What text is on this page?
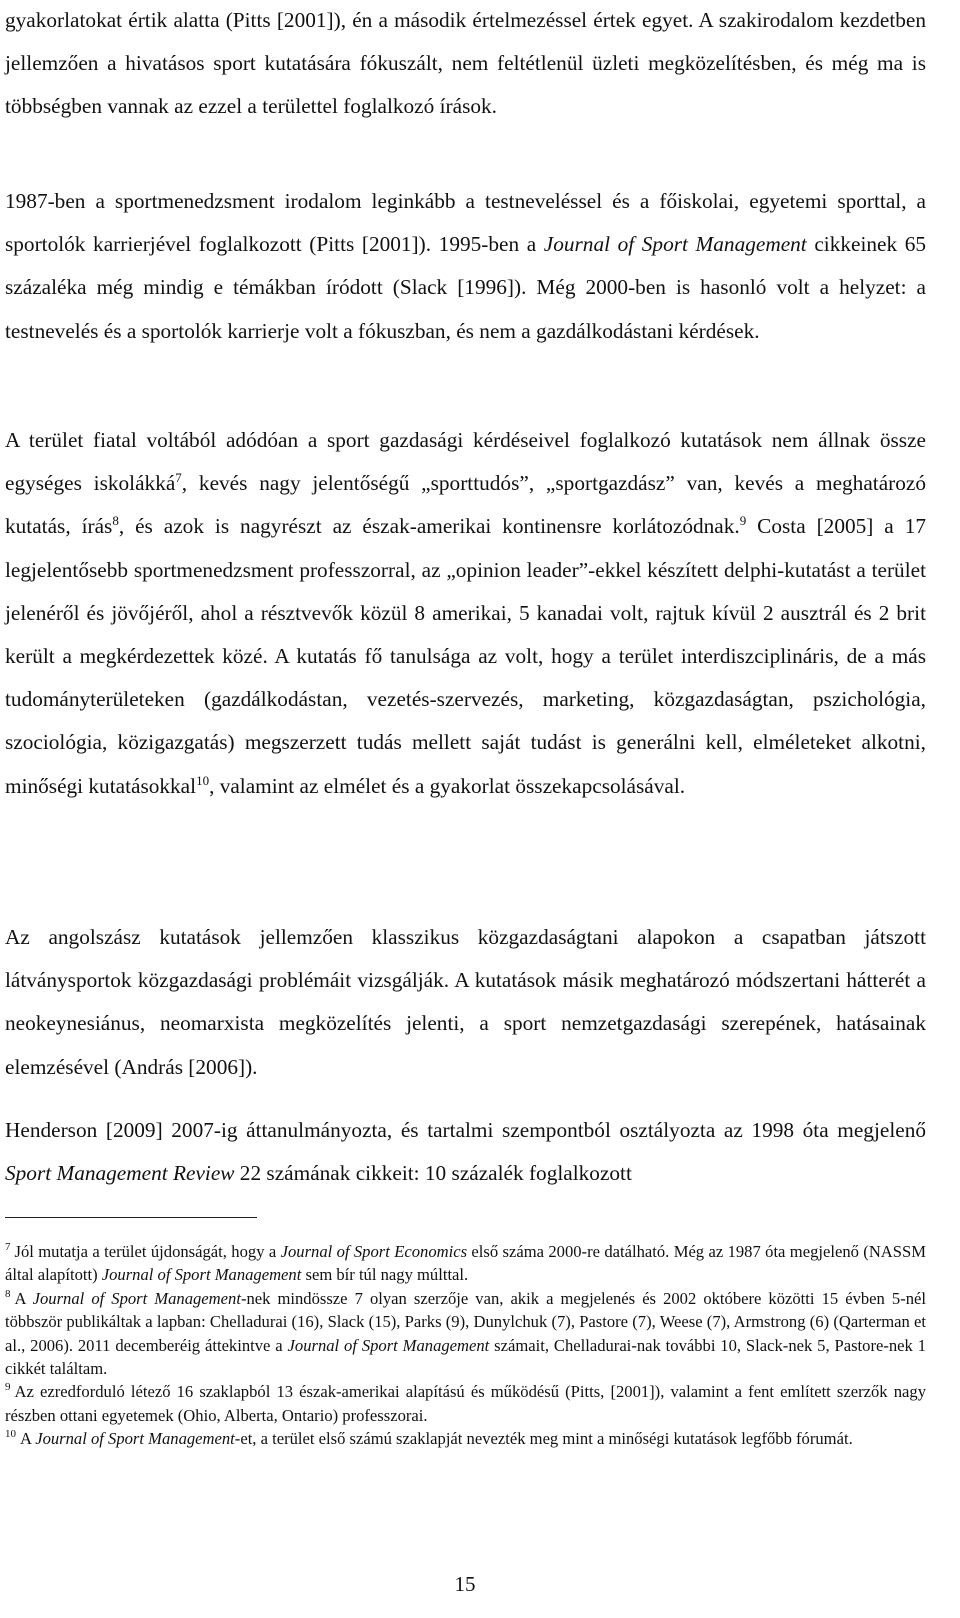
gyakorlatokat értik alatta (Pitts [2001]), én a második értelmezéssel értek egyet. A szakirodalom kezdetben jellemzően a hivatásos sport kutatására fókuszált, nem feltétlenül üzleti megközelítésben, és még ma is többségben vannak az ezzel a területtel foglalkozó írások.

1987-ben a sportmenedzsment irodalom leginkább a testneveléssel és a főiskolai, egyetemi sporttal, a sportolók karrierjével foglalkozott (Pitts [2001]). 1995-ben a Journal of Sport Management cikkeinek 65 százaléka még mindig e témákban íródott (Slack [1996]). Még 2000-ben is hasonló volt a helyzet: a testnevelés és a sportolók karrierje volt a fókuszban, és nem a gazdálkodástani kérdések.

A terület fiatal voltából adódóan a sport gazdasági kérdéseivel foglalkozó kutatások nem állnak össze egységes iskolákká$^7$, kevés nagy jelentőségű „sporttudós”, „sportgazdász” van, kevés a meghatározó kutatás, írás$^8$, és azok is nagyrészt az észak-amerikai kontinensre korlátozódnak.$^9$ Costa [2005] a 17 legjelentősebb sportmenedzsment professzorral, az „opinion leader”-ekkel készített delphi-kutatást a terület jelenéről és jövőjéről, ahol a résztvevők közül 8 amerikai, 5 kanadai volt, rajtuk kívül 2 ausztrál és 2 brit került a megkérdezettek közé. A kutatás fő tanulsága az volt, hogy a terület interdiszciplináris, de a más tudományterületeken (gazdálkodástan, vezetés-szervezés, marketing, közgazdaságtan, pszichológia, szociológia, közigazgatás) megszerzett tudás mellett saját tudást is generálni kell, elméleteket alkotni, minőségi kutatásokkal$^{10}$, valamint az elmélet és a gyakorlat összekapcsolásával.

Az angolszász kutatások jellemzően klasszikus közgazdaságtani alapokon a csapatban játszott látványsportok közgazdasági problémáit vizsgálják. A kutatások másik meghatározó módszertani hátterét a neokeynesiánus, neomarxista megközelítés jelenti, a sport nemzetgazdasági szerepének, hatásainak elemzésével (András [2006]).

Henderson [2009] 2007-ig áttanulmányozta, és tartalmi szempontból osztályozta az 1998 óta megjelenő Sport Management Review 22 számának cikkeit: 10 százalék foglalkozott

$^7$ Jól mutatja a terület újdonságát, hogy a Journal of Sport Economics első száma 2000-re datálható. Még az 1987 óta megjelenő (NASSM által alapított) Journal of Sport Management sem bír túl nagy múlttal.

$^8$ A Journal of Sport Management-nek mindössze 7 olyan szerzője van, akik a megjelenés és 2002 októbere közötti 15 évben 5-nél többször publikáltak a lapban: Chelladurai (16), Slack (15), Parks (9), Dunylchuk (7), Pastore (7), Weese (7), Armstrong (6) (Qarterman et al., 2006). 2011 decemberéig áttekintve a Journal of Sport Management számait, Chelladurai-nak további 10, Slack-nek 5, Pastore-nek 1 cikkét találtam.

$^9$ Az ezredforduló létező 16 szaklapból 13 észak-amerikai alapítású és működésű (Pitts, [2001]), valamint a fent említett szerzők nagy részben ottani egyetemek (Ohio, Alberta, Ontario) professzorai.

$^{10}$ A Journal of Sport Management-et, a terület első számú szaklapját nevezték meg mint a minőségi kutatások legfőbb fórumát.

15
